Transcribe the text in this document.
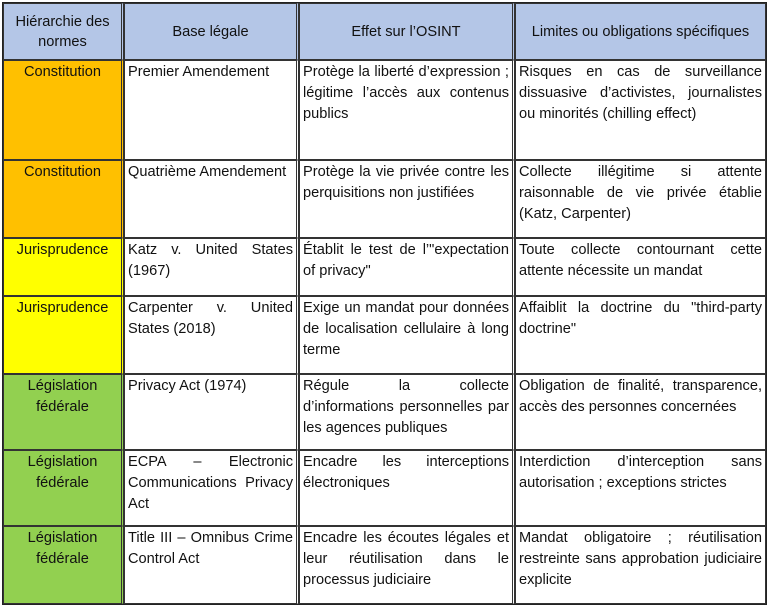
Hiérarchie des normes	Base légale	Effet sur l’OSINT	Limites ou obligations spécifiques
Constitution	Premier Amendement	Protège la liberté d’expression ; légitime l’accès aux contenus publics	Risques en cas de surveillance dissuasive d’activistes, journalistes ou minorités (chilling effect)
Constitution	Quatrième Amendement	Protège la vie privée contre les perquisitions non justifiées	Collecte illégitime si attente raisonnable de vie privée établie (Katz, Carpenter)
Jurisprudence	Katz v. United States (1967)	Établit le test de l’"expectation of privacy"	Toute collecte contournant cette attente nécessite un mandat
Jurisprudence	Carpenter v. United States (2018)	Exige un mandat pour données de localisation cellulaire à long terme	Affaiblit la doctrine du "third-party doctrine"
Législation fédérale	Privacy Act (1974)	Régule la collecte d’informations personnelles par les agences publiques	Obligation de finalité, transparence, accès des personnes concernées
Législation fédérale	ECPA – Electronic Communications Privacy Act	Encadre les interceptions électroniques	Interdiction d’interception sans autorisation ; exceptions strictes
Législation fédérale	Title III – Omnibus Crime Control Act	Encadre les écoutes légales et leur réutilisation dans le processus judiciaire	Mandat obligatoire ; réutilisation restreinte sans approbation judiciaire explicite
